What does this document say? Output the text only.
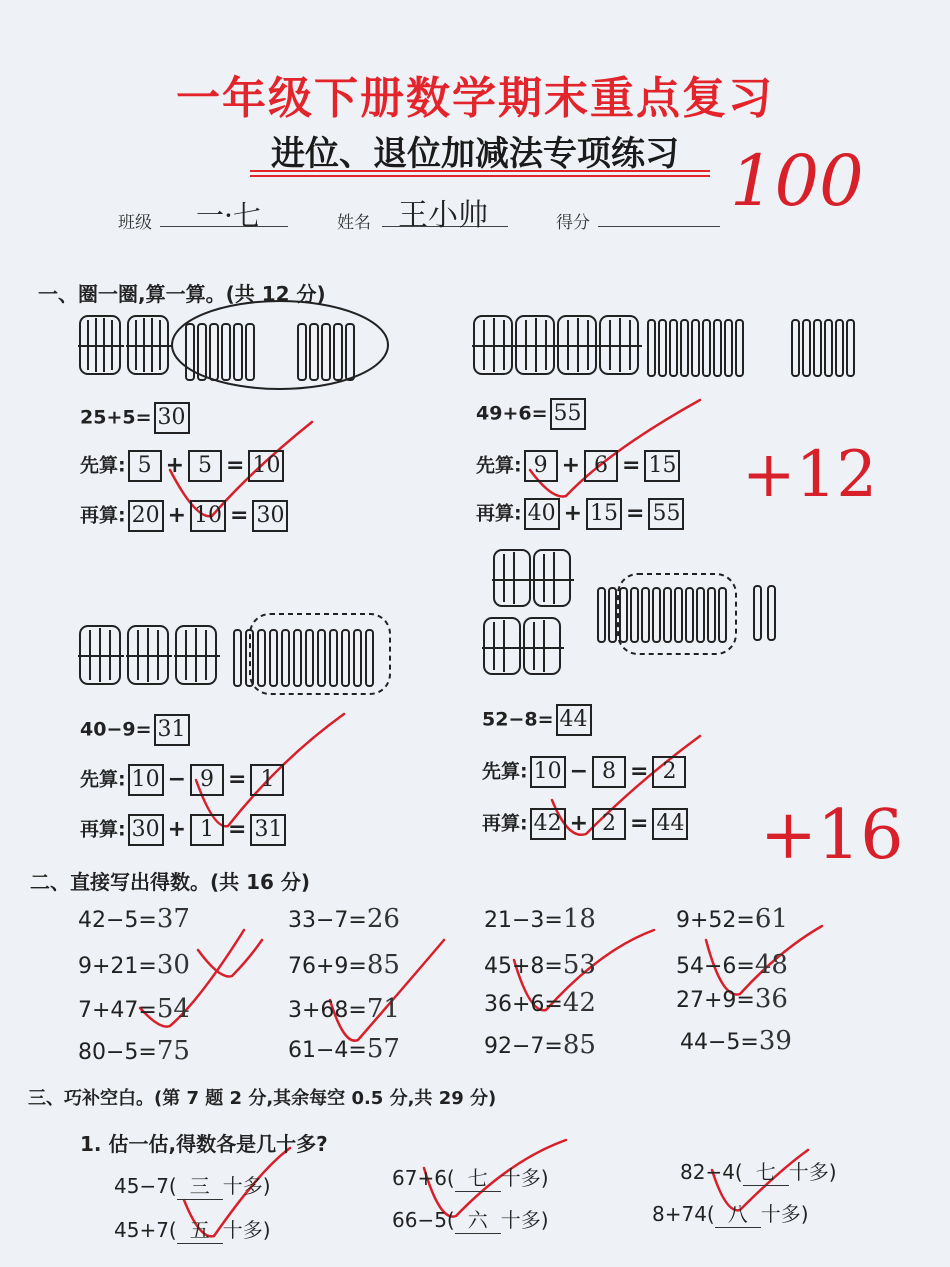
一年级下册数学期末重点复习
进位、退位加减法专项练习
班级 一·七	姓名 王小帅	得分
100
一、圈一圈,算一算。(共 12 分)
25+5= 30
先算: 5 + 5 = 10
再算: 20 + 10 = 30
49+6= 55
先算: 9 + 6 = 15
再算: 40 + 15 = 55
+12
40−9= 31
先算: 10 − 9 = 1
再算: 30 + 1 = 31
52−8= 44
先算: 10 − 8 = 2
再算: 42 + 2 = 44 +16
二、直接写出得数。(共 16 分)
42−5=37	33−7=26	21−3=18	9+52=61
9+21=30	76+9=85	45+8=53	54−6=48
7+47=54	3+68=71	36+6=42	27+9=36
80−5=75	61−4=57	92−7=85	44−5=39
三、巧补空白。(第 7 题 2 分,其余每空 0.5 分,共 29 分)
1. 估一估,得数各是几十多?
45−7( 三 十多)	67+6( 七 十多)	82−4( 七 十多)
45+7( 五 十多)	66−5( 六 十多)	8+74( 八 十多)
